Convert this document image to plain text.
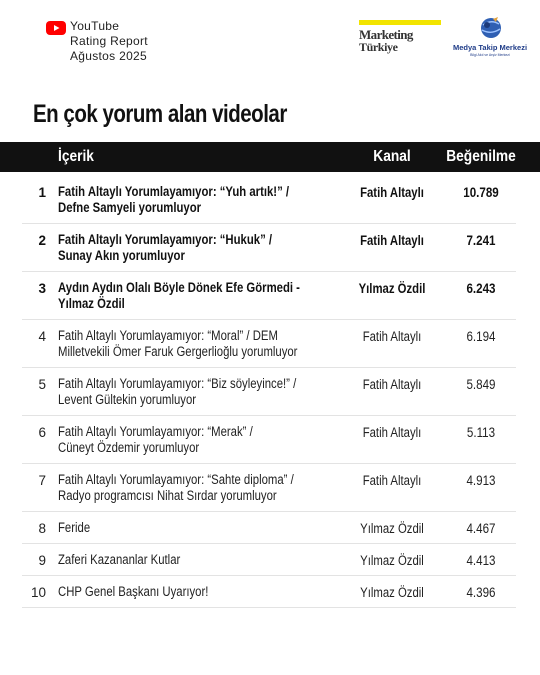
YouTube
Rating Report
Ağustos 2025
Marketing
Türkiye	Medya Takip Merkezi
Bilgi Akıl ve Arşiv Merkezi
En çok yorum alan videolar
İçerik	Kanal	Beğenilme
1 Fatih Altaylı Yorumlayamıyor: “Yuh artık!” /
Defne Samyeli yorumluyor
Fatih Altaylı	10.789
2 Fatih Altaylı Yorumlayamıyor: “Hukuk” /
Sunay Akın yorumluyor
Fatih Altaylı	7.241
3 Aydın Aydın Olalı Böyle Dönek Efe Görmedi -
Yılmaz Özdil
Yılmaz Özdil	6.243
4 Fatih Altaylı Yorumlayamıyor: “Moral” / DEM
Milletvekili Ömer Faruk Gergerlioğlu yorumluyor
Fatih Altaylı	6.194
5 Fatih Altaylı Yorumlayamıyor: “Biz söyleyince!” /
Levent Gültekin yorumluyor
Fatih Altaylı	5.849
6 Fatih Altaylı Yorumlayamıyor: “Merak” /
Cüneyt Özdemir yorumluyor
Fatih Altaylı	5.113
7 Fatih Altaylı Yorumlayamıyor: “Sahte diploma” /
Radyo programcısı Nihat Sırdar yorumluyor
Fatih Altaylı	4.913
8 Feride	Yılmaz Özdil	4.467
9 Zaferi Kazananlar Kutlar	Yılmaz Özdil	4.413
10 CHP Genel Başkanı Uyarıyor!	Yılmaz Özdil	4.396
